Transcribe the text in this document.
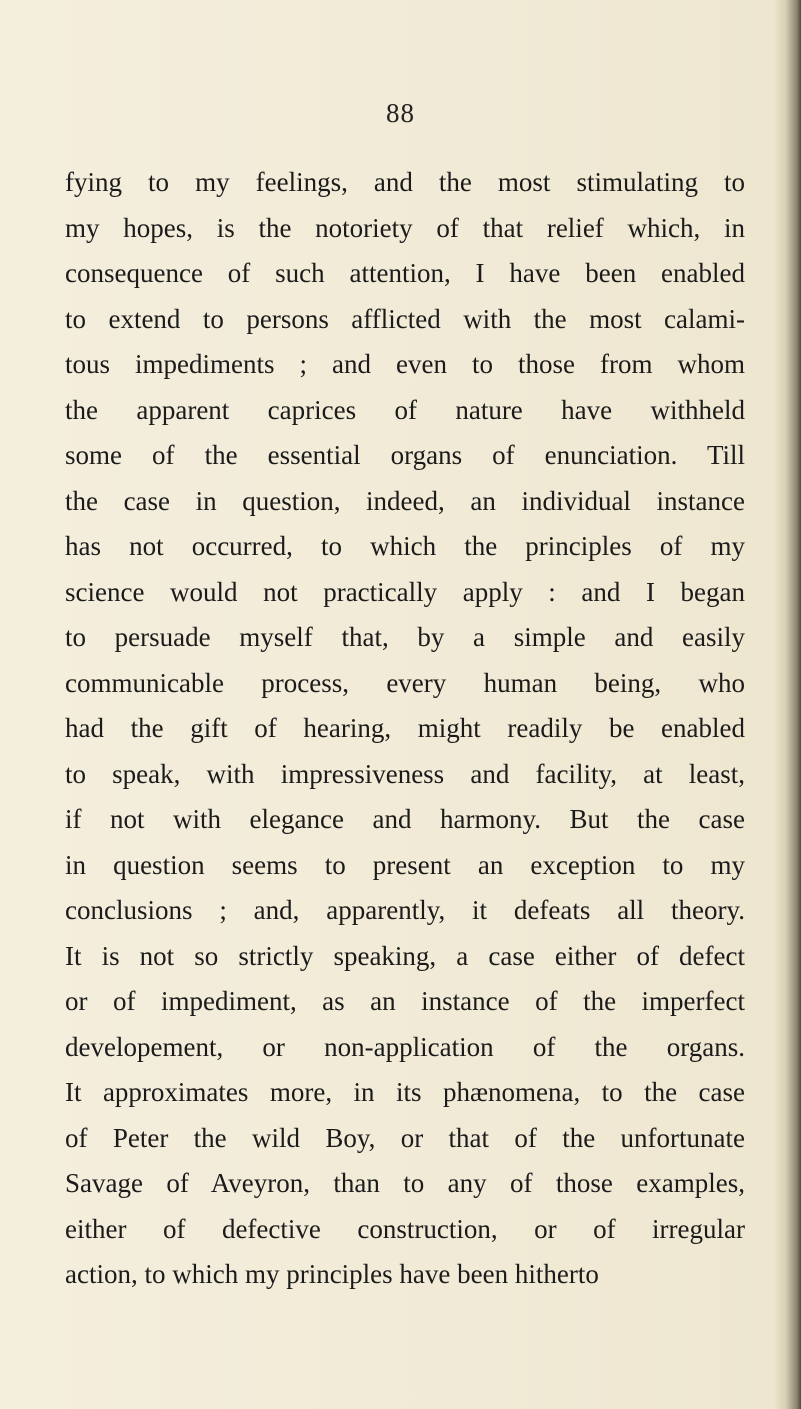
88
fying to my feelings, and the most stimulating to
my hopes, is the notoriety of that relief which, in
consequence of such attention, I have been enabled
to extend to persons afflicted with the most calami-
tous impediments ; and even to those from whom
the apparent caprices of nature have withheld
some of the essential organs of enunciation. Till
the case in question, indeed, an individual instance
has not occurred, to which the principles of my
science would not practically apply : and I began
to persuade myself that, by a simple and easily
communicable process, every human being, who
had the gift of hearing, might readily be enabled
to speak, with impressiveness and facility, at least,
if not with elegance and harmony. But the case
in question seems to present an exception to my
conclusions ; and, apparently, it defeats all theory.
It is not so strictly speaking, a case either of defect
or of impediment, as an instance of the imperfect
developement, or non-application of the organs.
It approximates more, in its phænomena, to the case
of Peter the wild Boy, or that of the unfortunate
Savage of Aveyron, than to any of those examples,
either of defective construction, or of irregular
action, to which my principles have been hitherto
